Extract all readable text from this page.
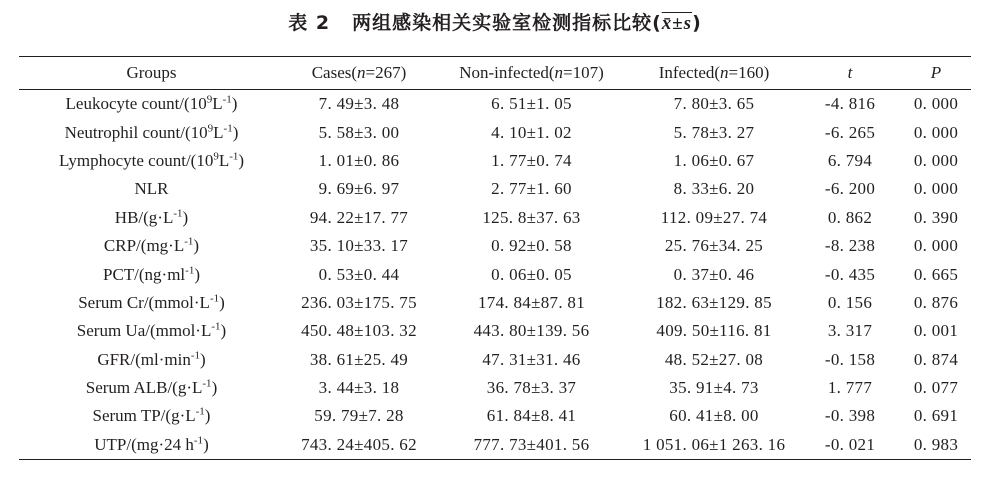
表 2 两组感染相关实验室检测指标比较(x̄±s)
Groups	Cases(n=267)	Non-infected(n=107)	Infected(n=160)	t	P
Leukocyte count/$(10^9L^{-1})$	7. 49±3. 48	6. 51±1. 05	7. 80±3. 65	-4. 816	0. 000
Neutrophil count/$(10^9L^{-1})$	5. 58±3. 00	4. 10±1. 02	5. 78±3. 27	-6. 265	0. 000
Lymphocyte count/$(10^9L^{-1})$	1. 01±0. 86	1. 77±0. 74	1. 06±0. 67	6. 794	0. 000
NLR	9. 69±6. 97	2. 77±1. 60	8. 33±6. 20	-6. 200	0. 000
$HB/(g\cdot L^{-1})$	94. 22±17. 77	125. 8±37. 63	112. 09±27. 74	0. 862	0. 390
CRP/$(mg\cdot L^{-1})$	35. 10±33. 17	0. 92±0. 58	25. 76±34. 25	-8. 238	0. 000
PCT/$(ng\cdot ml^{-1})$	0. 53±0. 44	0. 06±0. 05	0. 37±0. 46	-0. 435	0. 665
Serum $Cr/(mmol\cdot L^{-1})$	236. 03±175. 75	174. 84±87. 81	182. 63±129. 85	0. 156	0. 876
Serum $Ua/(mmol\cdot L^{-1})$	450. 48±103. 32	443. 80±139. 56	409. 50±116. 81	3. 317	0. 001
GFR/$(ml\cdot\min^{-1})$	38. 61±25. 49	47. 31±31. 46	48. 52±27. 08	-0. 158	0. 874
Serum ALB/$(g\cdot L^{-1})$	3. 44±3. 18	36. 78±3. 37	35. 91±4. 73	1. 777	0. 077
Serum $TP/(g\cdot L^{-1})$	59. 79±7. 28	61. 84±8. 41	60. 41±8. 00	-0. 398	0. 691
UTP/(mg·24 $h^{-1}$)	743. 24±405. 62	777. 73±401. 56	1 051. 06±1 263. 16	-0. 021	0. 983
